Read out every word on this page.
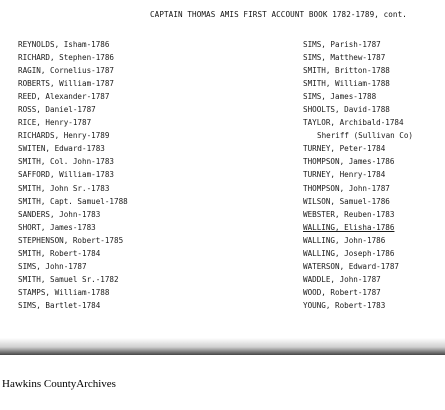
CAPTAIN THOMAS AMIS FIRST ACCOUNT BOOK 1782-1789, cont.
REYNOLDS, Isham-1786
RICHARD, Stephen-1786
RAGIN, Cornelius-1787
ROBERTS, William-1787
REED, Alexander-1787
ROSS, Daniel-1787
RICE, Henry-1787
RICHARDS, Henry-1789
SWITEN, Edward-1783
SMITH, Col. John-1783
SAFFORD, William-1783
SMITH, John Sr.-1783
SMITH, Capt. Samuel-1788
SANDERS, John-1783
SHORT, James-1783
STEPHENSON, Robert-1785
SMITH, Robert-1784
SIMS, John-1787
SMITH, Samuel Sr.-1782
STAMPS, William-1788
SIMS, Bartlet-1784
SIMS, Parish-1787
SIMS, Matthew-1787
SMITH, Britton-1788
SMITH, William-1788
SIMS, James-1788
SHOOLTS, David-1788
TAYLOR, Archibald-1784
Sheriff (Sullivan Co)
TURNEY, Peter-1784
THOMPSON, James-1786
TURNEY, Henry-1784
THOMPSON, John-1787
WILSON, Samuel-1786
WEBSTER, Reuben-1783
WALLING, Elisha-1786
WALLING, John-1786
WALLING, Joseph-1786
WATERSON, Edward-1787
WADDLE, John-1787
WOOD, Robert-1787
YOUNG, Robert-1783
Hawkins CountyArchives
